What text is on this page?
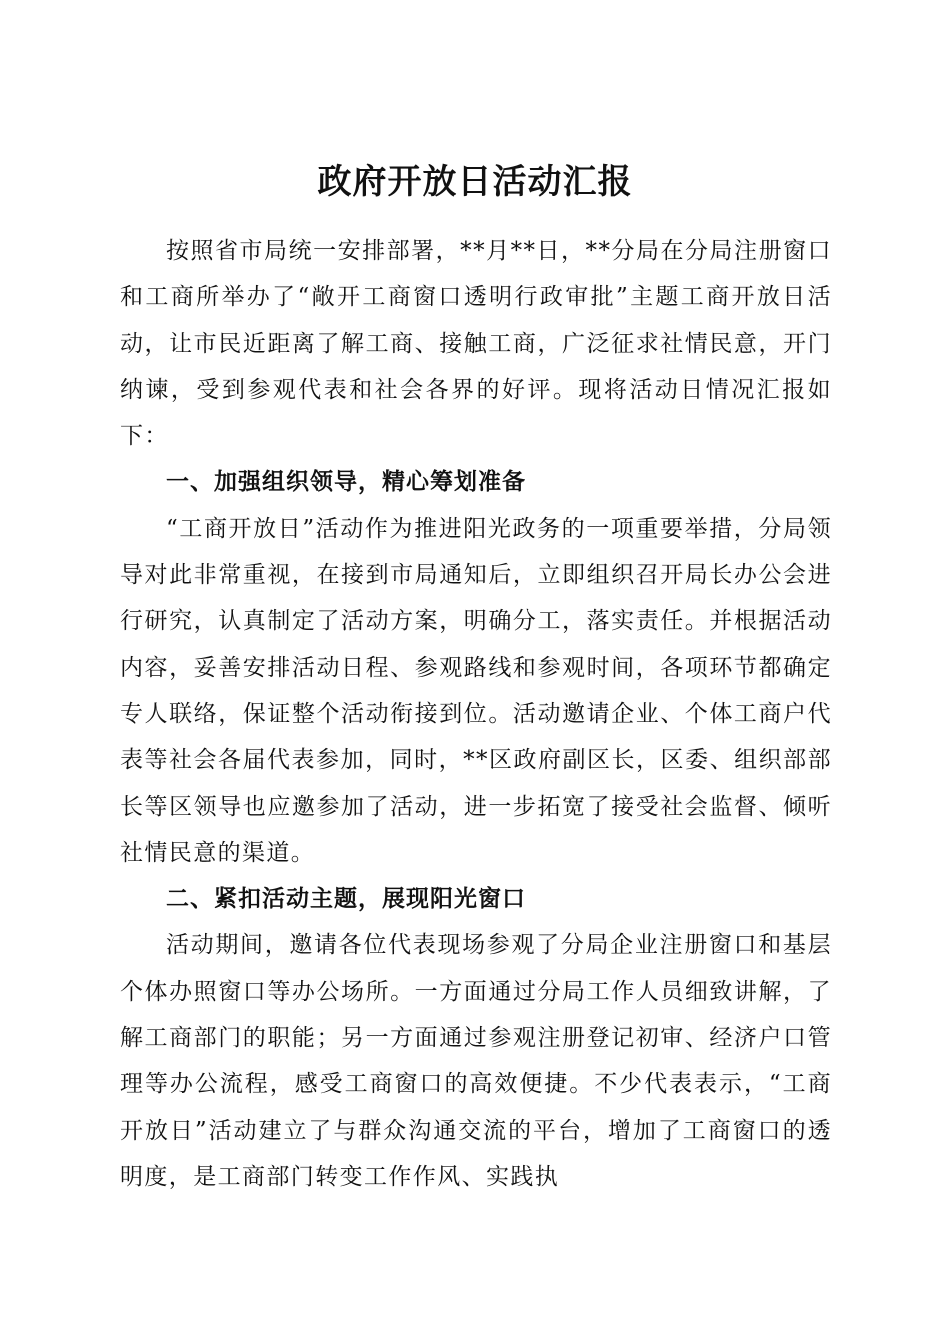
政府开放日活动汇报

按照省市局统一安排部署，**月**日，**分局在分局注册窗口和工商所举办了“敞开工商窗口透明行政审批”主题工商开放日活动，让市民近距离了解工商、接触工商，广泛征求社情民意，开门纳谏，受到参观代表和社会各界的好评。现将活动日情况汇报如下：

一、加强组织领导，精心筹划准备

“工商开放日”活动作为推进阳光政务的一项重要举措，分局领导对此非常重视，在接到市局通知后，立即组织召开局长办公会进行研究，认真制定了活动方案，明确分工，落实责任。并根据活动内容，妥善安排活动日程、参观路线和参观时间，各项环节都确定专人联络，保证整个活动衔接到位。活动邀请企业、个体工商户代表等社会各届代表参加，同时，**区政府副区长，区委、组织部部长等区领导也应邀参加了活动，进一步拓宽了接受社会监督、倾听社情民意的渠道。

二、紧扣活动主题，展现阳光窗口

活动期间，邀请各位代表现场参观了分局企业注册窗口和基层个体办照窗口等办公场所。一方面通过分局工作人员细致讲解，了解工商部门的职能；另一方面通过参观注册登记初审、经济户口管理等办公流程，感受工商窗口的高效便捷。不少代表表示，“工商开放日”活动建立了与群众沟通交流的平台，增加了工商窗口的透明度，是工商部门转变工作作风、实践执
